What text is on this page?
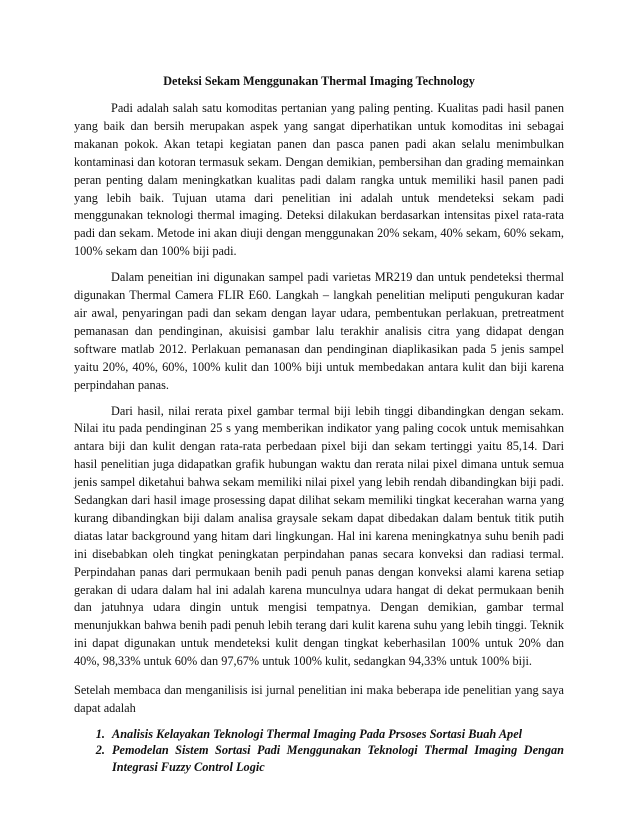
Deteksi Sekam Menggunakan Thermal Imaging Technology

Padi adalah salah satu komoditas pertanian yang paling penting. Kualitas padi hasil panen yang baik dan bersih merupakan aspek yang sangat diperhatikan untuk komoditas ini sebagai makanan pokok. Akan tetapi kegiatan panen dan pasca panen padi akan selalu menimbulkan kontaminasi dan kotoran termasuk sekam. Dengan demikian, pembersihan dan grading memainkan peran penting dalam meningkatkan kualitas padi dalam rangka untuk memiliki hasil panen padi yang lebih baik. Tujuan utama dari penelitian ini adalah untuk mendeteksi sekam padi menggunakan teknologi thermal imaging. Deteksi dilakukan berdasarkan intensitas pixel rata-rata padi dan sekam. Metode ini akan diuji dengan menggunakan 20% sekam, 40% sekam, 60% sekam, 100% sekam dan 100% biji padi.

Dalam peneitian ini digunakan sampel padi varietas MR219 dan untuk pendeteksi thermal digunakan Thermal Camera FLIR E60. Langkah – langkah penelitian meliputi pengukuran kadar air awal, penyaringan padi dan sekam dengan layar udara, pembentukan perlakuan, pretreatment pemanasan dan pendinginan, akuisisi gambar lalu terakhir analisis citra yang didapat dengan software matlab 2012. Perlakuan pemanasan dan pendinginan diaplikasikan pada 5 jenis sampel yaitu 20%, 40%, 60%, 100% kulit dan 100% biji untuk membedakan antara kulit dan biji karena perpindahan panas.

Dari hasil, nilai rerata pixel gambar termal biji lebih tinggi dibandingkan dengan sekam. Nilai itu pada pendinginan 25 s yang memberikan indikator yang paling cocok untuk memisahkan antara biji dan kulit dengan rata-rata perbedaan pixel biji dan sekam tertinggi yaitu 85,14. Dari hasil penelitian juga didapatkan grafik hubungan waktu dan rerata nilai pixel dimana untuk semua jenis sampel diketahui bahwa sekam memiliki nilai pixel yang lebih rendah dibandingkan biji padi. Sedangkan dari hasil image prosessing dapat dilihat sekam memiliki tingkat kecerahan warna yang kurang dibandingkan biji dalam analisa graysale sekam dapat dibedakan dalam bentuk titik putih diatas latar background yang hitam dari lingkungan. Hal ini karena meningkatnya suhu benih padi ini disebabkan oleh tingkat peningkatan perpindahan panas secara konveksi dan radiasi termal. Perpindahan panas dari permukaan benih padi penuh panas dengan konveksi alami karena setiap gerakan di udara dalam hal ini adalah karena munculnya udara hangat di dekat permukaan benih dan jatuhnya udara dingin untuk mengisi tempatnya. Dengan demikian, gambar termal menunjukkan bahwa benih padi penuh lebih terang dari kulit karena suhu yang lebih tinggi. Teknik ini dapat digunakan untuk mendeteksi kulit dengan tingkat keberhasilan 100% untuk 20% dan 40%, 98,33% untuk 60% dan 97,67% untuk 100% kulit, sedangkan 94,33% untuk 100% biji.

Setelah membaca dan menganilisis isi jurnal penelitian ini maka beberapa ide penelitian yang saya dapat adalah

1. Analisis Kelayakan Teknologi Thermal Imaging Pada Prsoses Sortasi Buah Apel
2. Pemodelan Sistem Sortasi Padi Menggunakan Teknologi Thermal Imaging Dengan Integrasi Fuzzy Control Logic
